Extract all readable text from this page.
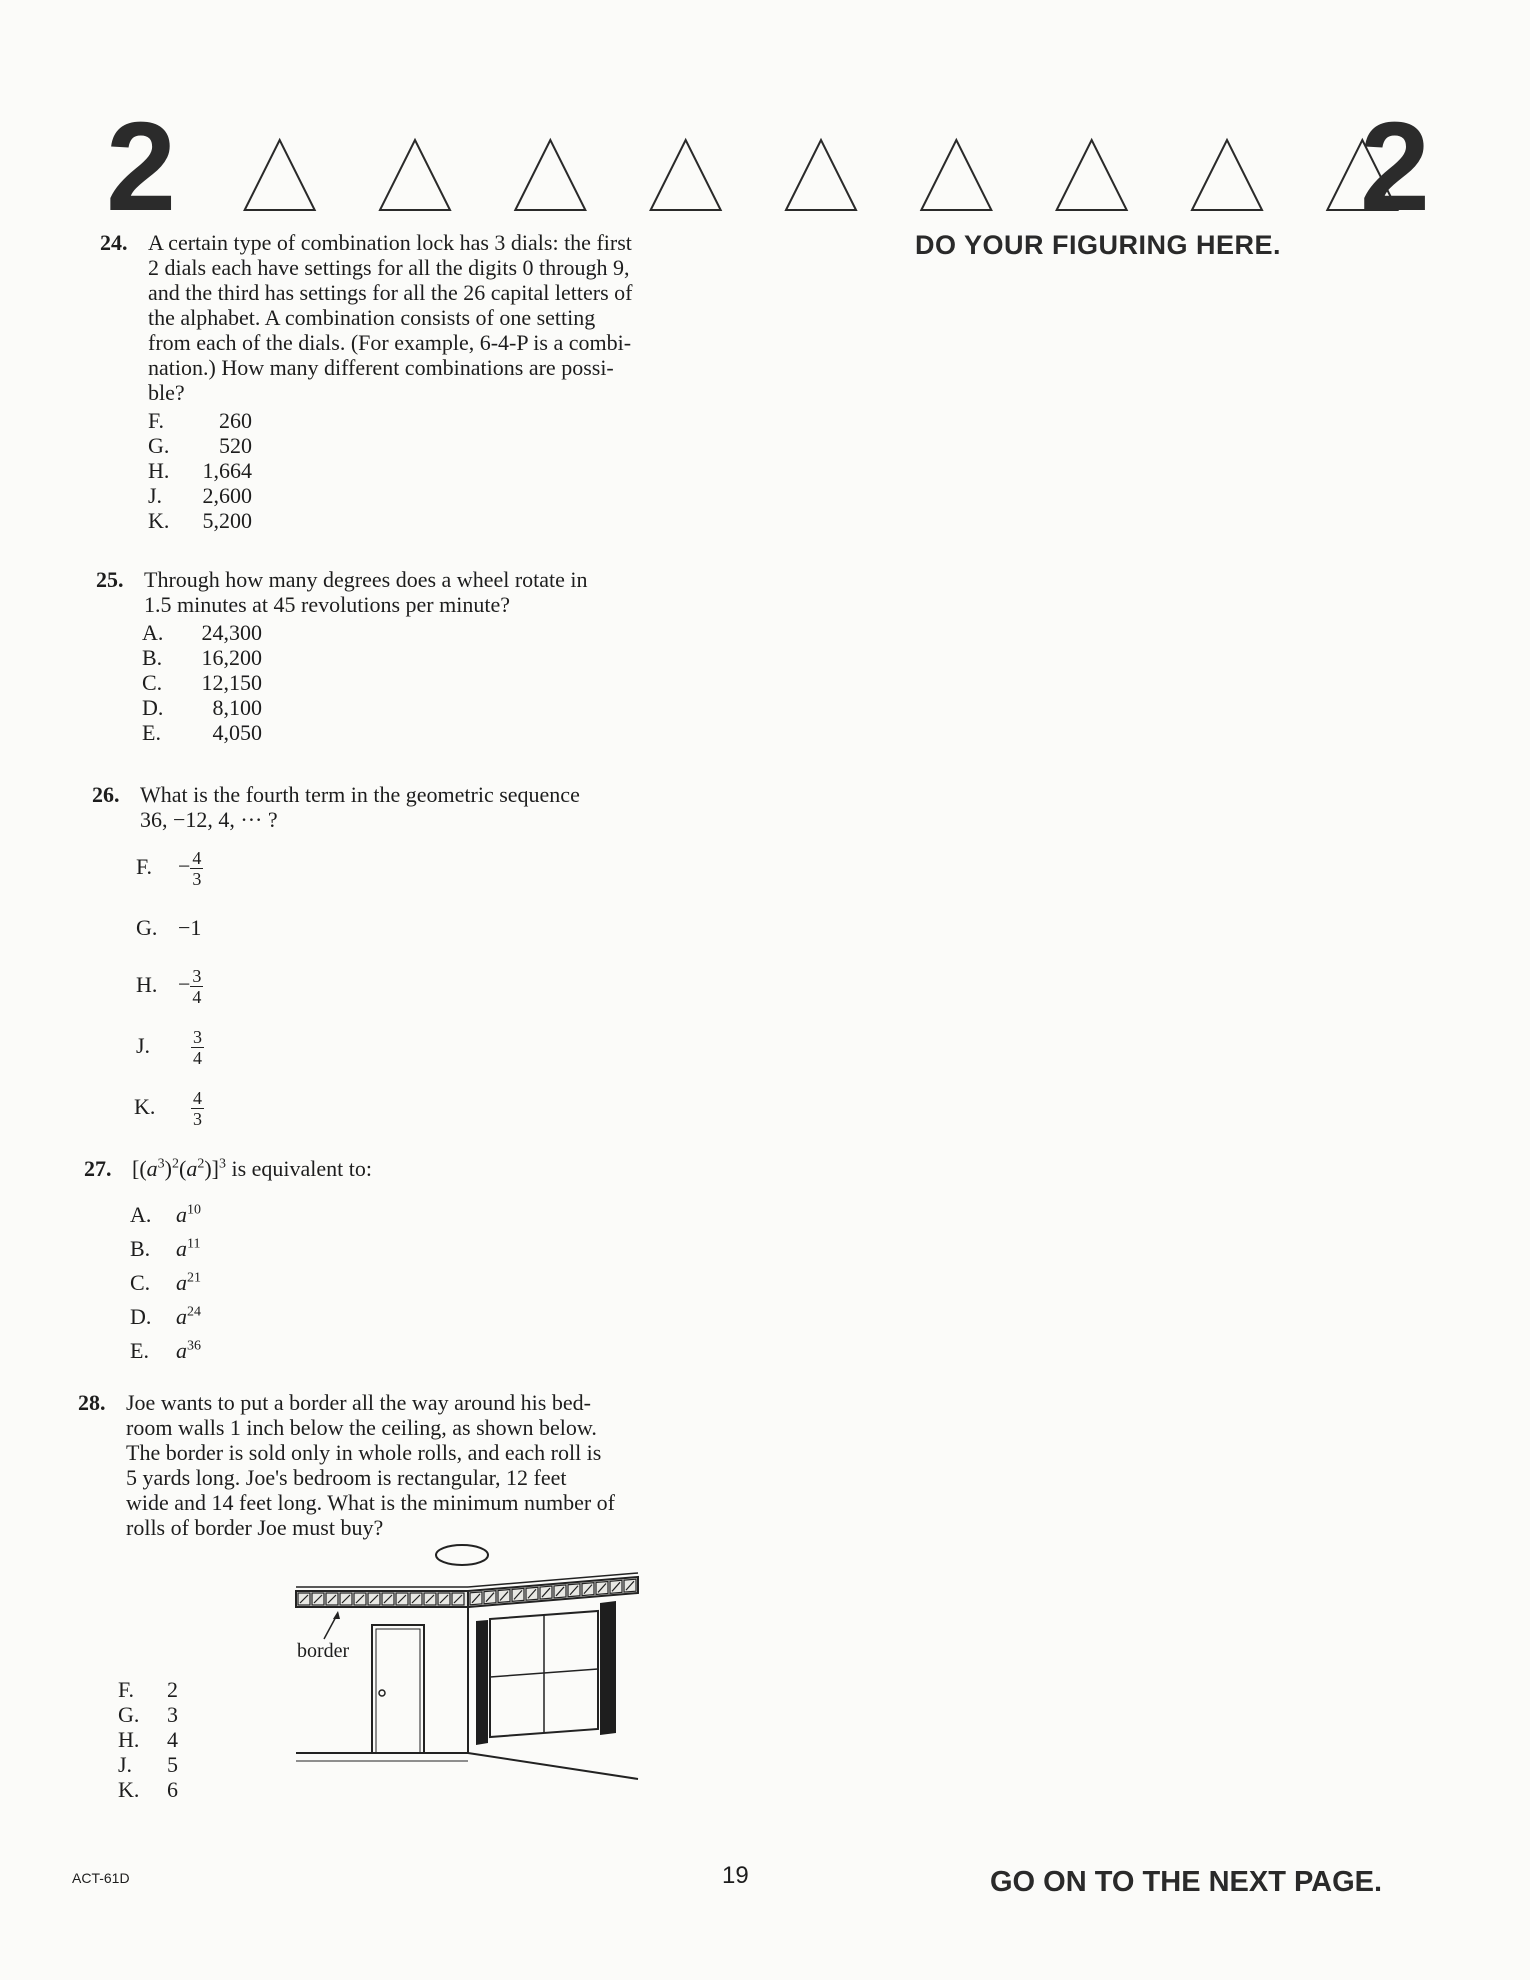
2	2
DO YOUR FIGURING HERE.
24. A certain type of combination lock has 3 dials: the first
2 dials each have settings for all the digits 0 through 9,
and the third has settings for all the 26 capital letters of
the alphabet. A combination consists of one setting
from each of the dials. (For example, 6-4-P is a combi-
nation.) How many different combinations are possi-
ble?
F.	260
G. 520
H. 1,664
J. 2,600
K. 5,200
25. Through how many degrees does a wheel rotate in
1.5 minutes at 45 revolutions per minute?
A. 24,300
B. 16,200
C. 12,150
D. 8,100
E. 4,050
26. What is the fourth term in the geometric sequence
36, −12, 4, ··· ?
F. − $\frac{4}{3}$
G. −1
H. − $\frac{3}{4}$
J. $\frac{3}{4}$
K. $\frac{4}{3}$
27. $[(a^3)^2(a^2)]^3$ is equivalent to:
A. $a^{10}$
B. $a^{11}$
C. $a^{21}$
D. $a^{24}$
E. $a^{36}$
28. Joe wants to put a border all the way around his bed-
room walls 1 inch below the ceiling, as shown below.
The border is sold only in whole rolls, and each roll is
5 yards long. Joe's bedroom is rectangular, 12 feet
wide and 14 feet long. What is the minimum number of
rolls of border Joe must buy?
border
F. 2
G. 3
H. 4
J. 5
K. 6
ACT-61D	19	GO ON TO THE NEXT PAGE.
